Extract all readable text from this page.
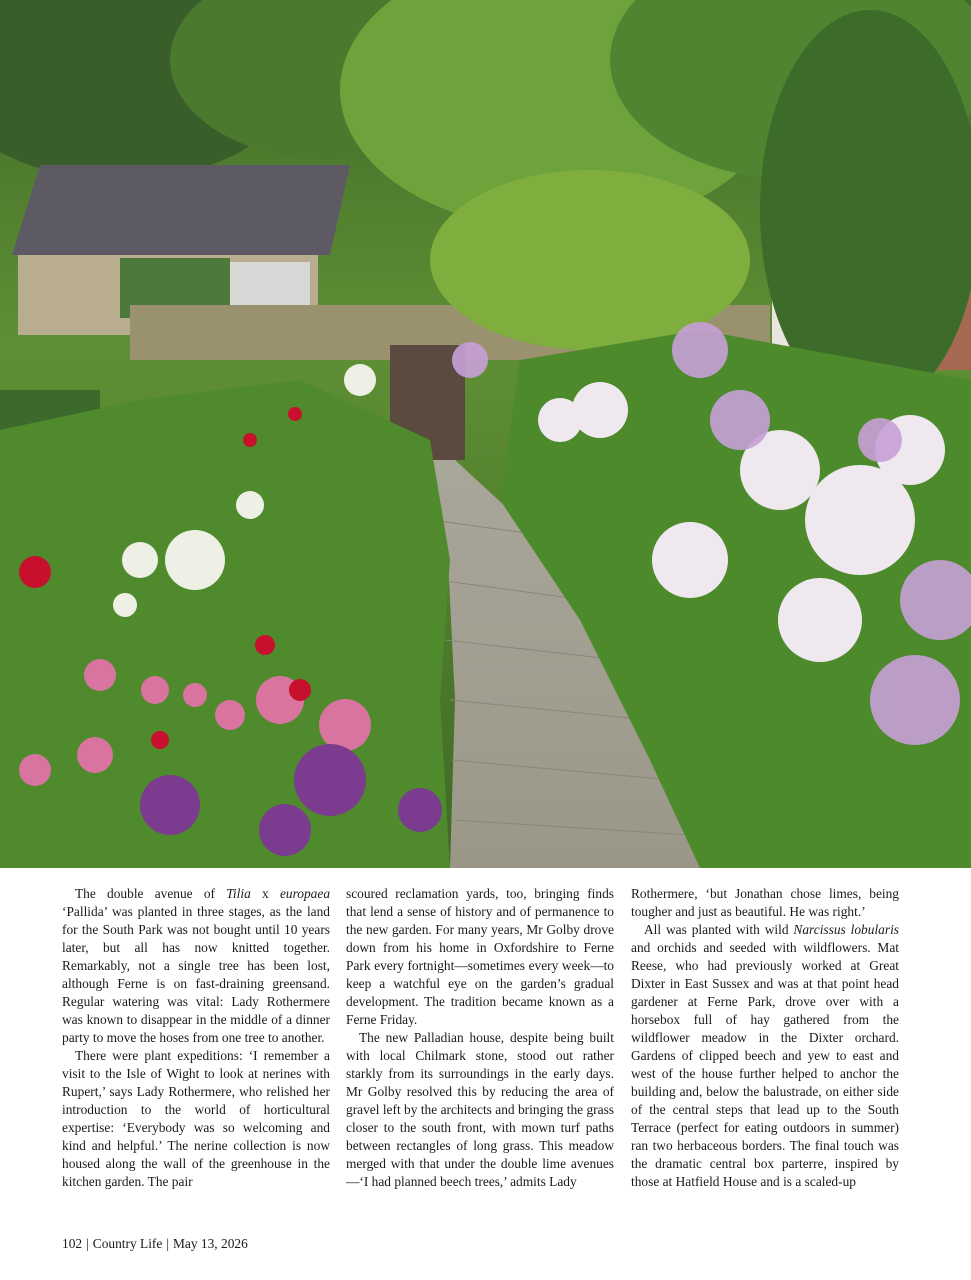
The double avenue of Tilia x europaea ‘Pallida’ was planted in three stages, as the land for the South Park was not bought until 10 years later, but all has now knitted together. Remarkably, not a single tree has been lost, although Ferne is on fast-draining greensand. Regular watering was vital: Lady Rothermere was known to disappear in the middle of a dinner party to move the hoses from one tree to another.

There were plant expeditions: ‘I remember a visit to the Isle of Wight to look at nerines with Rupert,’ says Lady Rothermere, who relished her introduction to the world of horticultural expertise: ‘Everybody was so welcoming and kind and helpful.’ The nerine collection is now housed along the wall of the greenhouse in the kitchen garden. The pair

scoured reclamation yards, too, bringing finds that lend a sense of history and of permanence to the new garden. For many years, Mr Golby drove down from his home in Oxfordshire to Ferne Park every fortnight—sometimes every week—to keep a watchful eye on the garden’s gradual development. The tradition became known as a Ferne Friday.

The new Palladian house, despite being built with local Chilmark stone, stood out rather starkly from its surroundings in the early days. Mr Golby resolved this by reducing the area of gravel left by the architects and bringing the grass closer to the south front, with mown turf paths between rectangles of long grass. This meadow merged with that under the double lime avenues—‘I had planned beech trees,’ admits Lady

Rothermere, ‘but Jonathan chose limes, being tougher and just as beautiful. He was right.’

All was planted with wild Narcissus lobularis and orchids and seeded with wildflowers. Mat Reese, who had previously worked at Great Dixter in East Sussex and was at that point head gardener at Ferne Park, drove over with a horsebox full of hay gathered from the wildflower meadow in the Dixter orchard. Gardens of clipped beech and yew to east and west of the house further helped to anchor the building and, below the balustrade, on either side of the central steps that lead up to the South Terrace (perfect for eating outdoors in summer) ran two herbaceous borders. The final touch was the dramatic central box parterre, inspired by those at Hatfield House and is a scaled-up

102 | Country Life | May 13, 2026
